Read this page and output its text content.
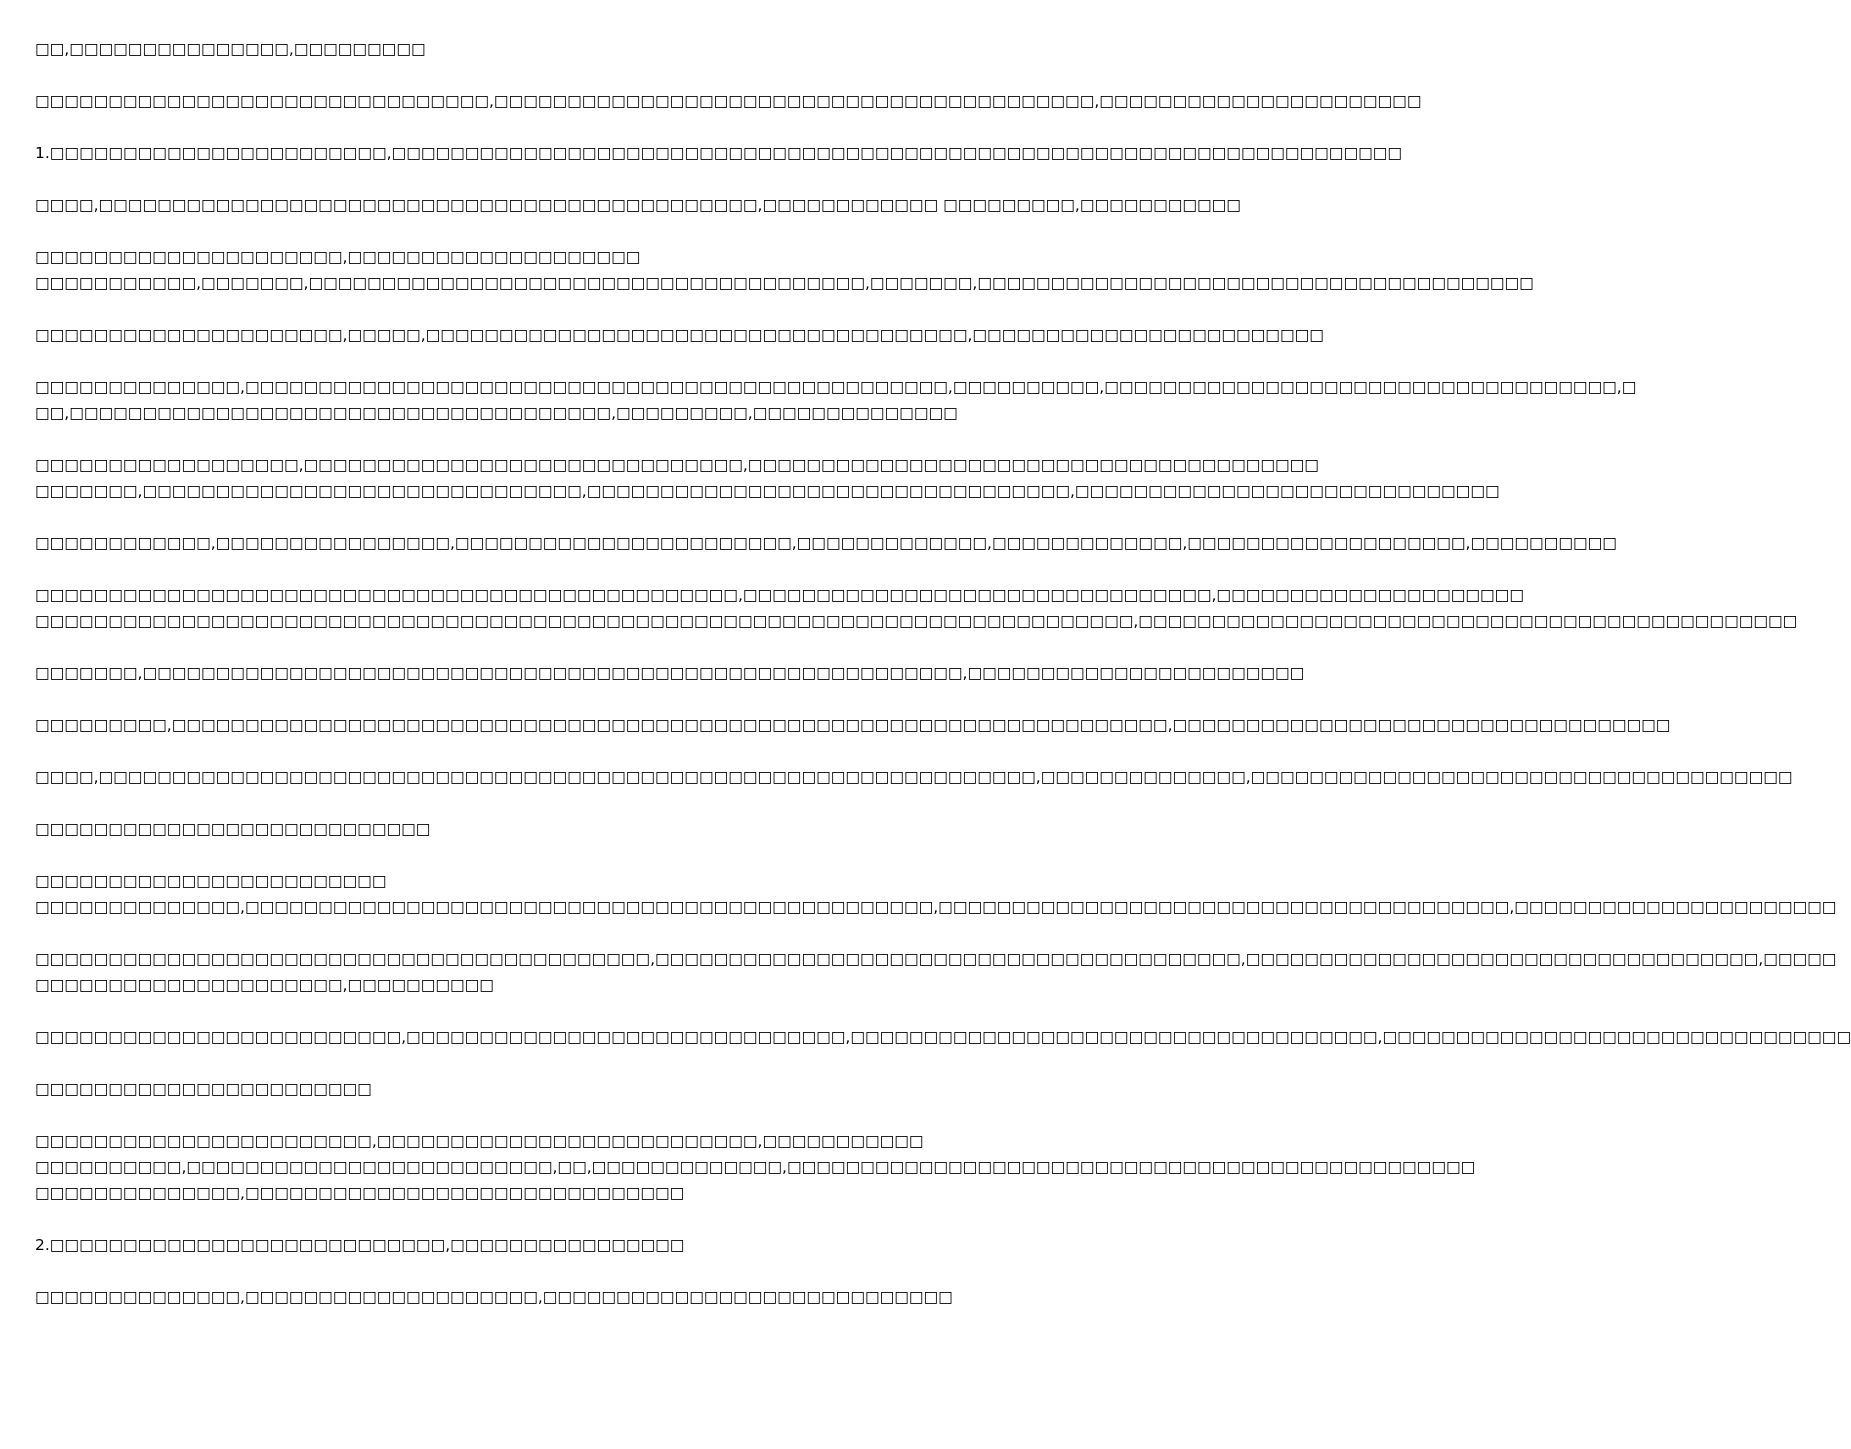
□□,□□□□□□□□□□□□□□□,□□□□□□□□□
□□□□□□□□□□□□□□□□□□□□□□□□□□□□□□□,□□□□□□□□□□□□□□□□□□□□□□□□□□□□□□□□□□□□□□□□□,□□□□□□□□□□□□□□□□□□□□□□
1.□□□□□□□□□□□□□□□□□□□□□□□,□□□□□□□□□□□□□□□□□□□□□□□□□□□□□□□□□□□□□□□□□□□□□□□□□□□□□□□□□□□□□□□□□□□□□
□□□□,□□□□□□□□□□□□□□□□□□□□□□□□□□□□□□□□□□□□□□□□□□□□□,□□□□□□□□□□□□ □□□□□□□□□,□□□□□□□□□□□
□□□□□□□□□□□□□□□□□□□□□,□□□□□□□□□□□□□□□□□□□□
□□□□□□□□□□□,□□□□□□□,□□□□□□□□□□□□□□□□□□□□□□□□□□□□□□□□□□□□□□,□□□□□□□,□□□□□□□□□□□□□□□□□□□□□□□□□□□□□□□□□□□□□□
□□□□□□□□□□□□□□□□□□□□□,□□□□□,□□□□□□□□□□□□□□□□□□□□□□□□□□□□□□□□□□□□□,□□□□□□□□□□□□□□□□□□□□□□□□
□□□□□□□□□□□□□□,□□□□□□□□□□□□□□□□□□□□□□□□□□□□□□□□□□□□□□□□□□□□□□□□,□□□□□□□□□□,□□□□□□□□□□□□□□□□□□□□□□□□□□□□□□□□□□□,□
□□,□□□□□□□□□□□□□□□□□□□□□□□□□□□□□□□□□□□□□,□□□□□□□□□,□□□□□□□□□□□□□□
□□□□□□□□□□□□□□□□□□,□□□□□□□□□□□□□□□□□□□□□□□□□□□□□□,□□□□□□□□□□□□□□□□□□□□□□□□□□□□□□□□□□□□□□□
□□□□□□□,□□□□□□□□□□□□□□□□□□□□□□□□□□□□□□,□□□□□□□□□□□□□□□□□□□□□□□□□□□□□□□□□,□□□□□□□□□□□□□□□□□□□□□□□□□□□□□
□□□□□□□□□□□□,□□□□□□□□□□□□□□□□,□□□□□□□□□□□□□□□□□□□□□□□,□□□□□□□□□□□□□,□□□□□□□□□□□□□,□□□□□□□□□□□□□□□□□□□,□□□□□□□□□□
□□□□□□□□□□□□□□□□□□□□□□□□□□□□□□□□□□□□□□□□□□□□□□□□,□□□□□□□□□□□□□□□□□□□□□□□□□□□□□□□□,□□□□□□□□□□□□□□□□□□□□□
□□□□□□□□□□□□□□□□□□□□□□□□□□□□□□□□□□□□□□□□□□□□□□□□□□□□□□□□□□□□□□□□□□□□□□□□□□□,□□□□□□□□□□□□□□□□□□□□□□□□□□□□□□□□□□□□□□□□□□□□□
□□□□□□□,□□□□□□□□□□□□□□□□□□□□□□□□□□□□□□□□□□□□□□□□□□□□□□□□□□□□□□□□,□□□□□□□□□□□□□□□□□□□□□□□
□□□□□□□□□,□□□□□□□□□□□□□□□□□□□□□□□□□□□□□□□□□□□□□□□□□□□□□□□□□□□□□□□□□□□□□□□□□□□□,□□□□□□□□□□□□□□□□□□□□□□□□□□□□□□□□□□
□□□□,□□□□□□□□□□□□□□□□□□□□□□□□□□□□□□□□□□□□□□□□□□□□□□□□□□□□□□□□□□□□□□□□,□□□□□□□□□□□□□□,□□□□□□□□□□□□□□□□□□□□□□□□□□□□□□□□□□□□□
□□□□□□□□□□□□□□□□□□□□□□□□□□□
□□□□□□□□□□□□□□□□□□□□□□□□
□□□□□□□□□□□□□□,□□□□□□□□□□□□□□□□□□□□□□□□□□□□□□□□□□□□□□□□□□□□□□□,□□□□□□□□□□□□□□□□□□□□□□□□□□□□□□□□□□□□□□□,□□□□□□□□□□□□□□□□□□□□□□
□□□□□□□□□□□□□□□□□□□□□□□□□□□□□□□□□□□□□□□□□□,□□□□□□□□□□□□□□□□□□□□□□□□□□□□□□□□□□□□□□□□,□□□□□□□□□□□□□□□□□□□□□□□□□□□□□□□□□□□,□□□□□
□□□□□□□□□□□□□□□□□□□□□,□□□□□□□□□□
□□□□□□□□□□□□□□□□□□□□□□□□□,□□□□□□□□□□□□□□□□□□□□□□□□□□□□□□,□□□□□□□□□□□□□□□□□□□□□□□□□□□□□□□□□□□□,□□□□□□□□□□□□□□□□□□□□□□□□□□□□□□□□
□□□□□□□□□□□□□□□□□□□□□□□
□□□□□□□□□□□□□□□□□□□□□□□,□□□□□□□□□□□□□□□□□□□□□□□□□□,□□□□□□□□□□□
□□□□□□□□□□,□□□□□□□□□□□□□□□□□□□□□□□□□,□□,□□□□□□□□□□□□□,□□□□□□□□□□□□□□□□□□□□□□□□□□□□□□□□□□□□□□□□□□□□□□□
□□□□□□□□□□□□□□,□□□□□□□□□□□□□□□□□□□□□□□□□□□□□□
2.□□□□□□□□□□□□□□□□□□□□□□□□□□□,□□□□□□□□□□□□□□□□
□□□□□□□□□□□□□□,□□□□□□□□□□□□□□□□□□□□,□□□□□□□□□□□□□□□□□□□□□□□□□□□□
